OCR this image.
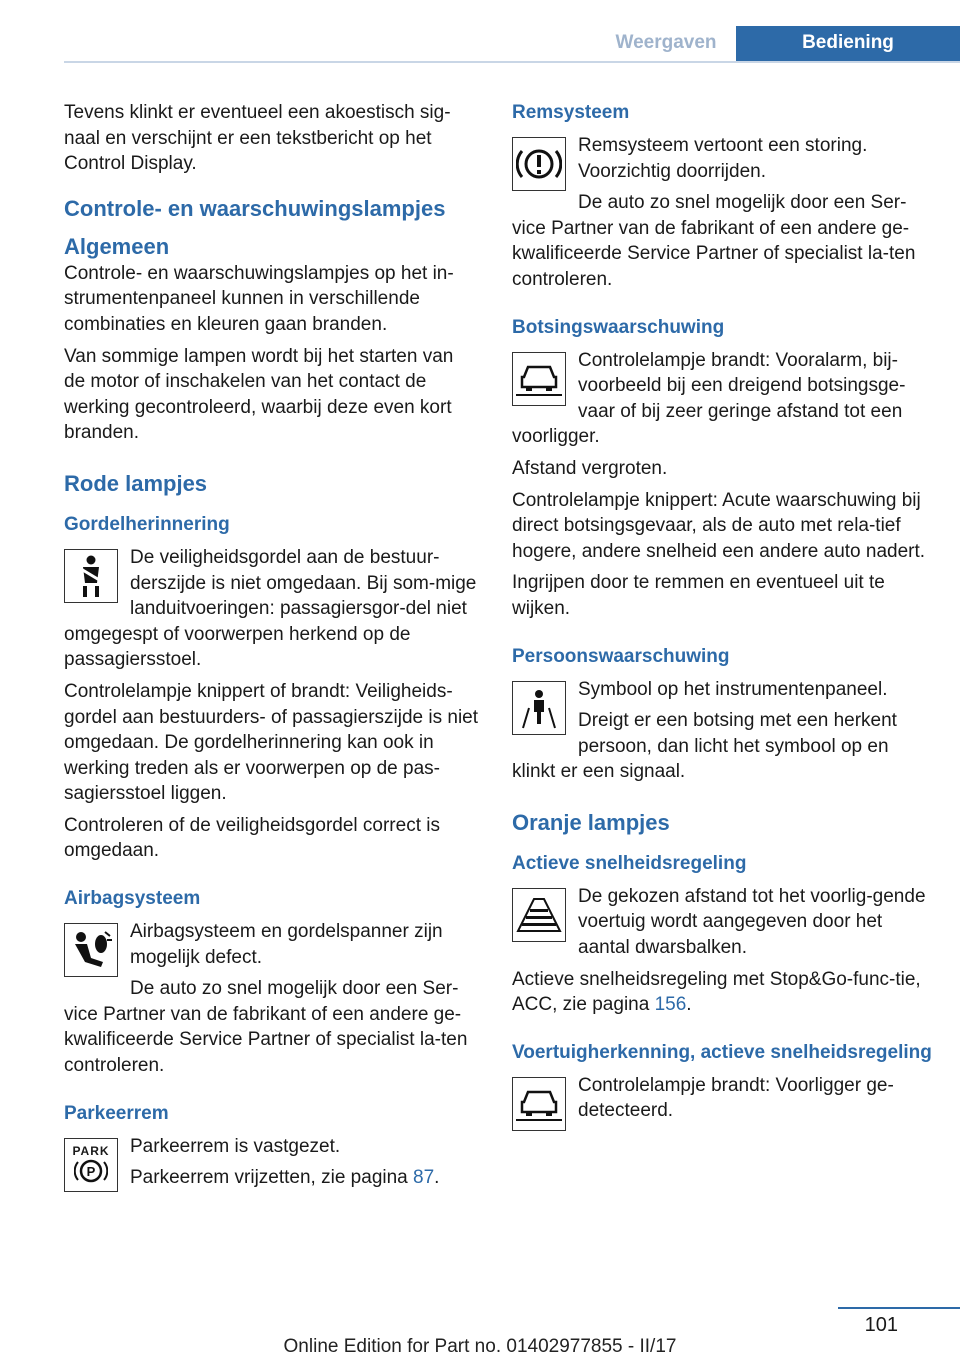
Weergaven	Bediening

Tevens klinkt er eventueel een akoestisch sig-naal en verschijnt er een tekstbericht op het Control Display.

Controle- en waarschuwingslampjes
Algemeen

Controle- en waarschuwingslampjes op het in-strumentenpaneel kunnen in verschillende combinaties en kleuren gaan branden.

Van sommige lampen wordt bij het starten van de motor of inschakelen van het contact de werking gecontroleerd, waarbij deze even kort branden.

Rode lampjes
Gordelherinnering

De veiligheidsgordel aan de bestuur-derszijde is niet omgedaan. Bij som-mige landuitvoeringen: passagiersgor-del niet omgegespt of voorwerpen herkend op de passagiersstoel.

Controlelampje knippert of brandt: Veiligheids-gordel aan bestuurders- of passagierszijde is niet omgedaan. De gordelherinnering kan ook in werking treden als er voorwerpen op de pas-sagiersstoel liggen.

Controleren of de veiligheidsgordel correct is omgedaan.

Airbagsysteem

Airbagsysteem en gordelspanner zijn mogelijk defect.

De auto zo snel mogelijk door een Ser-vice Partner van de fabrikant of een andere ge-kwalificeerde Service Partner of specialist la-ten controleren.

Parkeerrem
PARK
P

Parkeerrem is vastgezet.

Parkeerrem vrijzetten, zie pagina 87.

Remsysteem

Remsysteem vertoont een storing. Voorzichtig doorrijden.

De auto zo snel mogelijk door een Ser-vice Partner van de fabrikant of een andere ge-kwalificeerde Service Partner of specialist la-ten controleren.

Botsingswaarschuwing

Controlelampje brandt: Vooralarm, bij-voorbeeld bij een dreigend botsingsge-vaar of bij zeer geringe afstand tot een voorligger.

Afstand vergroten.

Controlelampje knippert: Acute waarschuwing bij direct botsingsgevaar, als de auto met rela-tief hogere, andere snelheid een andere auto nadert.

Ingrijpen door te remmen en eventueel uit te wijken.

Persoonswaarschuwing

Symbool op het instrumentenpaneel.

Dreigt er een botsing met een herkent persoon, dan licht het symbool op en klinkt er een signaal.

Oranje lampjes
Actieve snelheidsregeling

De gekozen afstand tot het voorlig-gende voertuig wordt aangegeven door het aantal dwarsbalken.

Actieve snelheidsregeling met Stop&Go-func-tie, ACC, zie pagina 156.

Voertuigherkenning, actieve snelheidsregeling

Controlelampje brandt: Voorligger ge-detecteerd.

101
Online Edition for Part no. 01402977855 - II/17
